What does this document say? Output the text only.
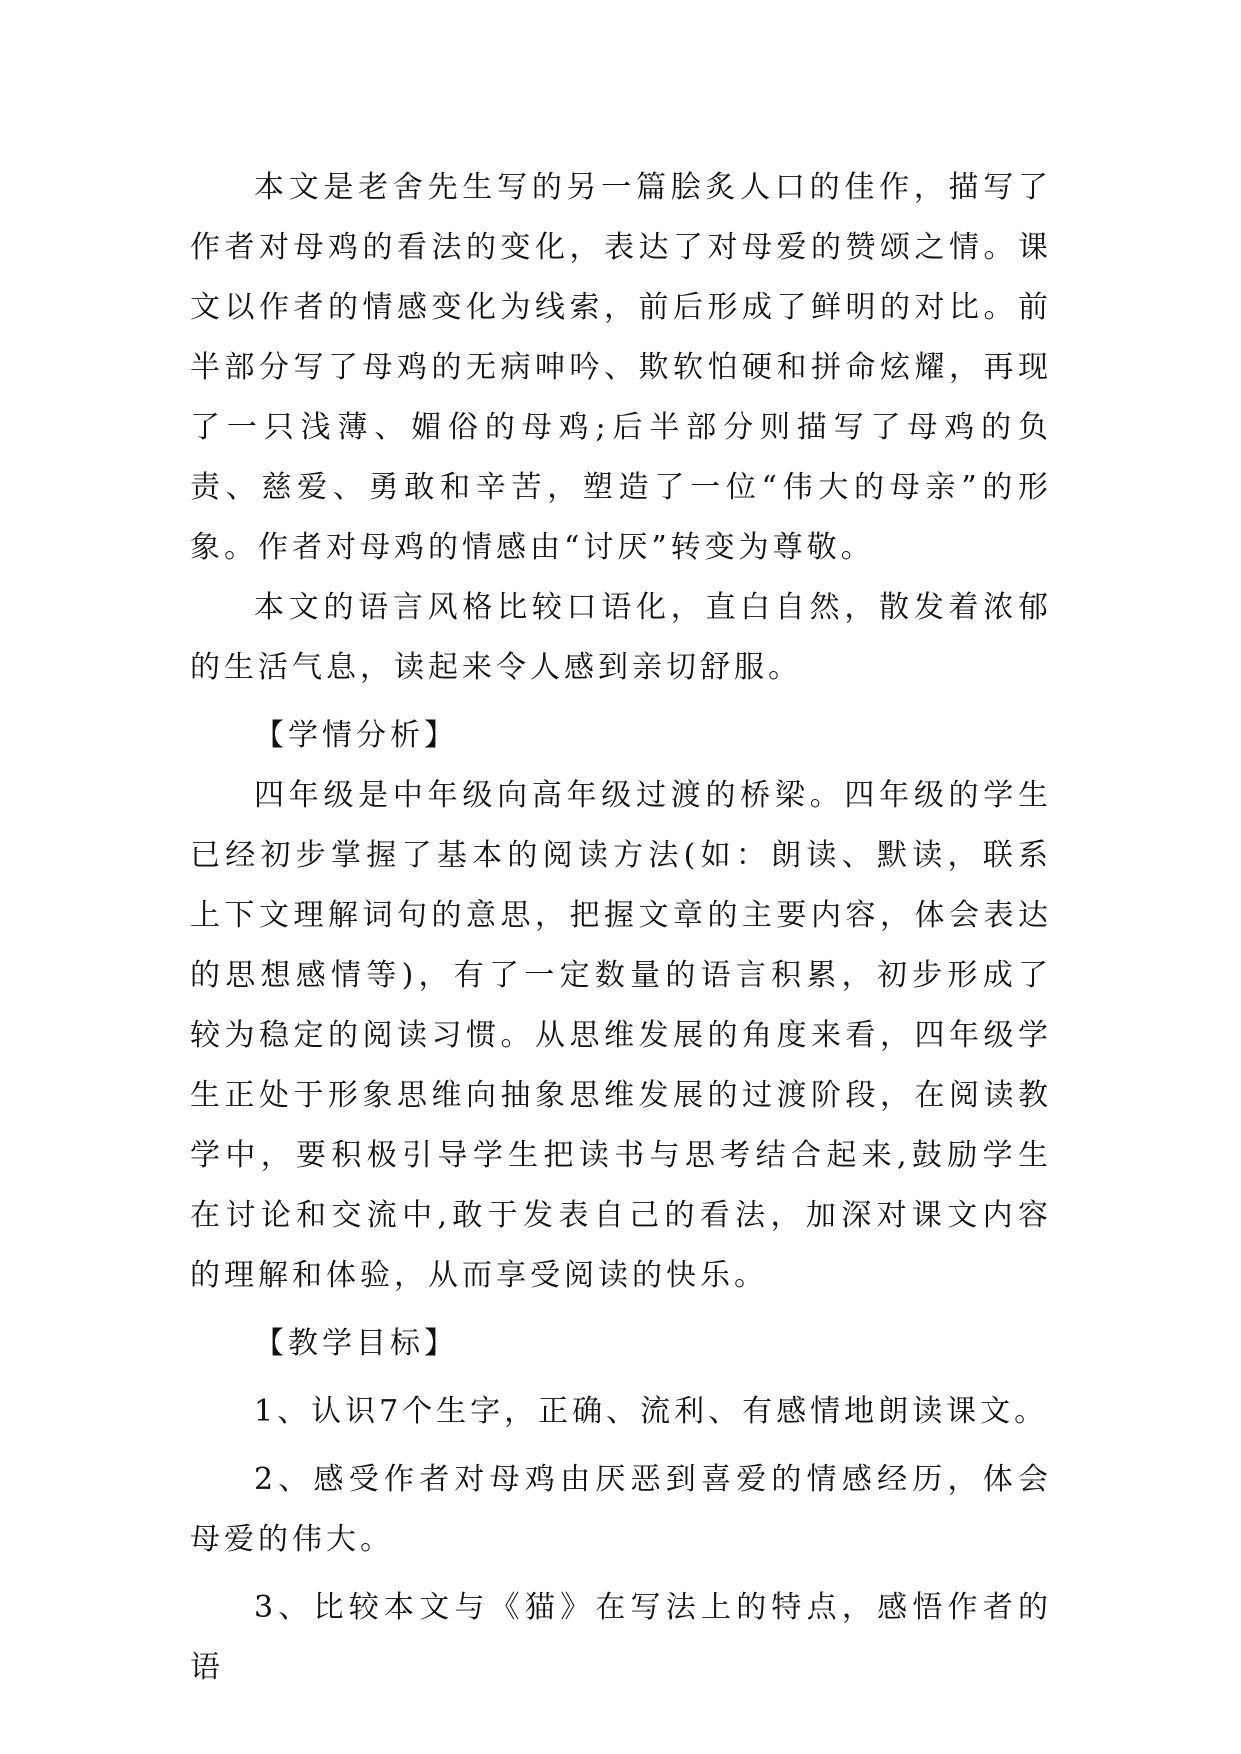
本文是老舍先生写的另一篇脍炙人口的佳作，描写了作者对母鸡的看法的变化，表达了对母爱的赞颂之情。课文以作者的情感变化为线索，前后形成了鲜明的对比。前半部分写了母鸡的无病呻吟、欺软怕硬和拼命炫耀，再现了一只浅薄、媚俗的母鸡;后半部分则描写了母鸡的负责、慈爱、勇敢和辛苦，塑造了一位“伟大的母亲”的形象。作者对母鸡的情感由“讨厌”转变为尊敬。

本文的语言风格比较口语化，直白自然，散发着浓郁的生活气息，读起来令人感到亲切舒服。

【学情分析】

四年级是中年级向高年级过渡的桥梁。四年级的学生已经初步掌握了基本的阅读方法(如：朗读、默读，联系上下文理解词句的意思，把握文章的主要内容，体会表达的思想感情等)，有了一定数量的语言积累，初步形成了较为稳定的阅读习惯。从思维发展的角度来看，四年级学生正处于形象思维向抽象思维发展的过渡阶段，在阅读教学中，要积极引导学生把读书与思考结合起来,鼓励学生在讨论和交流中,敢于发表自己的看法，加深对课文内容的理解和体验，从而享受阅读的快乐。

【教学目标】

1、认识7个生字，正确、流利、有感情地朗读课文。

2、感受作者对母鸡由厌恶到喜爱的情感经历，体会母爱的伟大。

3、比较本文与《猫》在写法上的特点，感悟作者的语
